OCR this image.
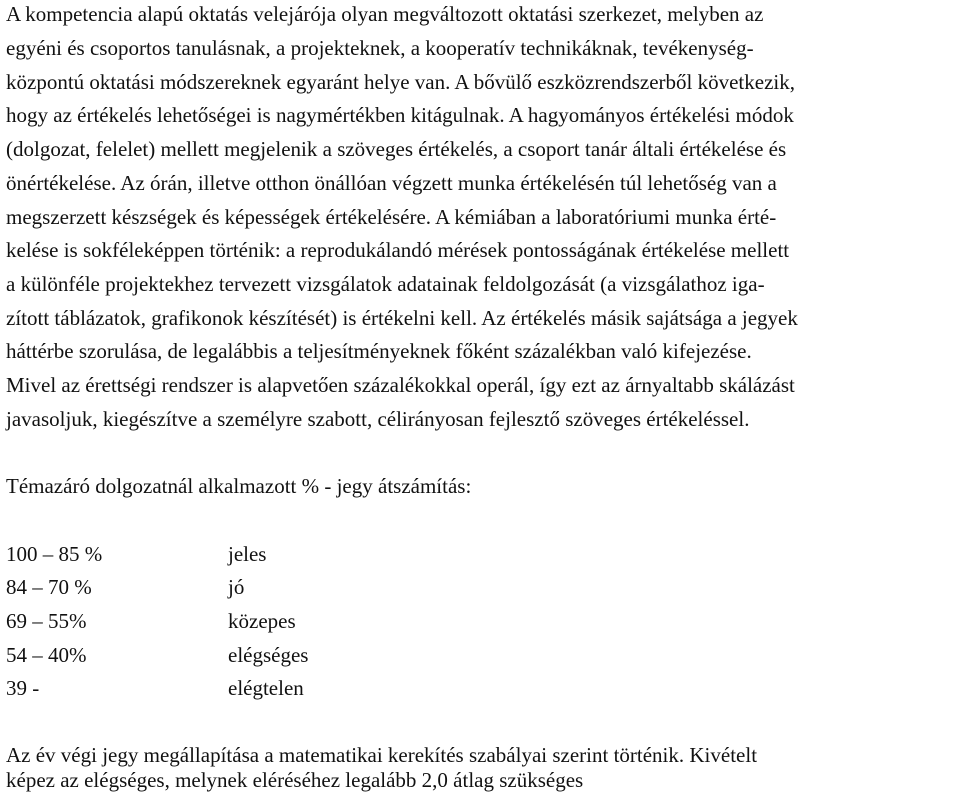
A kompetencia alapú oktatás velejárója olyan megváltozott oktatási szerkezet, melyben az
egyéni és csoportos tanulásnak, a projekteknek, a kooperatív technikáknak, tevékenység-
központú oktatási módszereknek egyaránt helye van. A bővülő eszközrendszerből következik,
hogy az értékelés lehetőségei is nagymértékben kitágulnak. A hagyományos értékelési módok
(dolgozat, felelet) mellett megjelenik a szöveges értékelés, a csoport tanár általi értékelése és
önértékelése. Az órán, illetve otthon önállóan végzett munka értékelésén túl lehetőség van a
megszerzett készségek és képességek értékelésére. A kémiában a laboratóriumi munka érté-
kelése is sokféleképpen történik: a reprodukálandó mérések pontosságának értékelése mellett
a különféle projektekhez tervezett vizsgálatok adatainak feldolgozását (a vizsgálathoz iga-
zított táblázatok, grafikonok készítését) is értékelni kell. Az értékelés másik sajátsága a jegyek
háttérbe szorulása, de legalábbis a teljesítményeknek főként százalékban való kifejezése.
Mivel az érettségi rendszer is alapvetően százalékokkal operál, így ezt az árnyaltabb skálázást
javasoljuk, kiegészítve a személyre szabott, célirányosan fejlesztő szöveges értékeléssel.
Témazáró dolgozatnál alkalmazott % - jegy átszámítás:
100 – 85 %	jeles
84 – 70 %	jó
69 – 55%	közepes
54 – 40%	elégséges
39 -	elégtelen
Az év végi jegy megállapítása a matematikai kerekítés szabályai szerint történik. Kivételt
képez az elégséges, melynek eléréséhez legalább 2,0 átlag szükséges
